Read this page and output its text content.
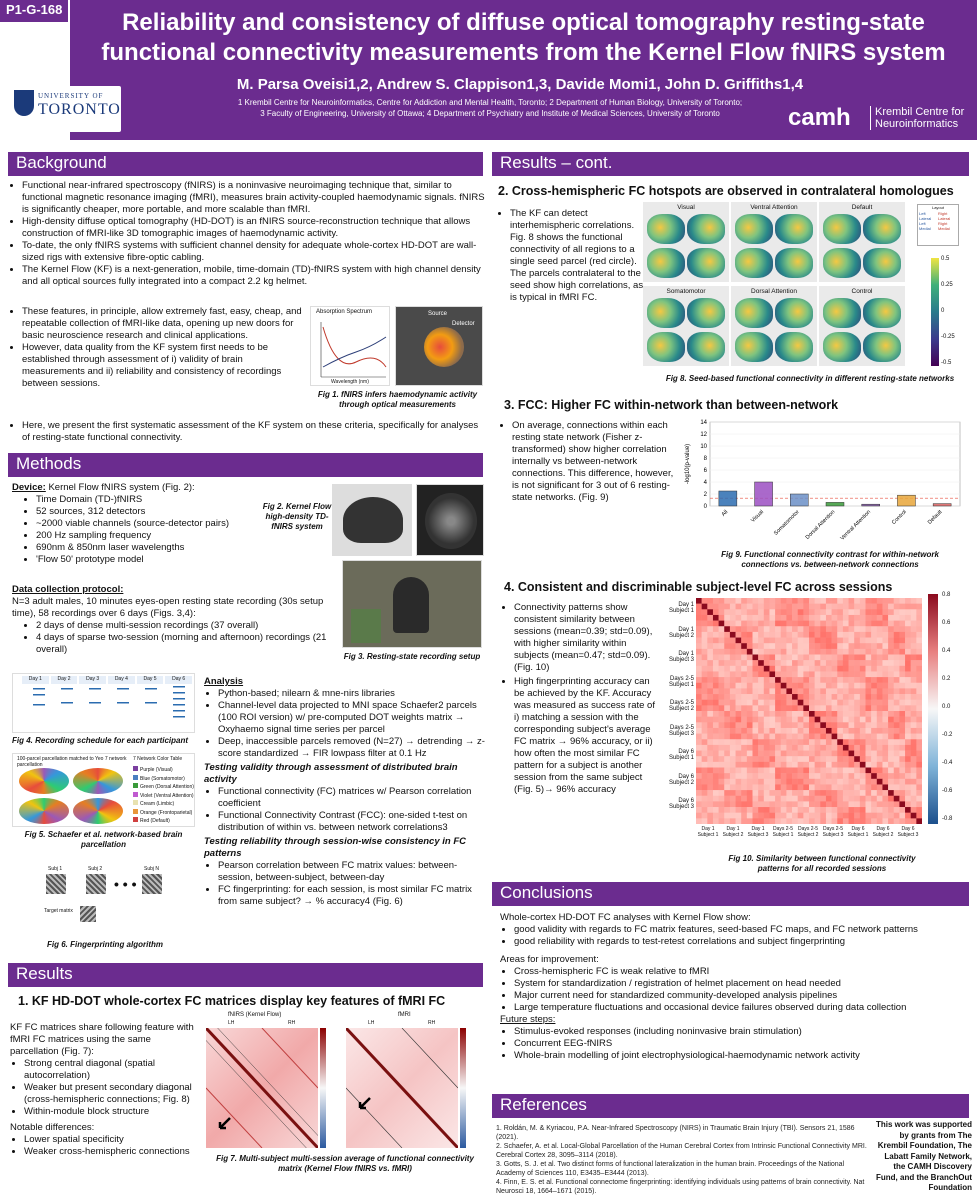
P1-G-168	Reliability and consistency of diffuse optical tomography resting-state
functional connectivity measurements from the Kernel Flow fNIRS system
M. Parsa Oveisi1,2, Andrew S. Clappison1,3, Davide Momi1, John D. Griffiths1,4
1 Krembil Centre for Neuroinformatics, Centre for Addiction and Mental Health, Toronto; 2 Department of Human Biology, University of Toronto;
3 Faculty of Engineering, University of Ottawa; 4 Department of Psychiatry and Institute of Medical Sciences, University of Toronto
UNIVERSITY OF
TORONTO	camh Krembil Centre for
Neuroinformatics
Background
• Functional near-infrared spectroscopy (fNIRS) is a noninvasive neuroimaging technique that, similar to functional magnetic resonance imaging (fMRI), measures brain activity-coupled haemodynamic signals. fNIRS is significantly cheaper, more portable, and more scalable than fMRI.
• High-density diffuse optical tomography (HD-DOT) is an fNIRS source-reconstruction technique that allows construction of fMRI-like 3D tomographic images of haemodynamic activity.
• To-date, the only fNIRS systems with sufficient channel density for adequate whole-cortex HD-DOT are wall-sized rigs with extensive fibre-optic cabling.
• The Kernel Flow (KF) is a next-generation, mobile, time-domain (TD)-fNIRS system with high channel density and all optical sources fully integrated into a compact 2.2 kg helmet.
• These features, in principle, allow extremely fast, easy, cheap, and repeatable collection of fMRI-like data, opening up new doors for basic neuroscience research and clinical applications.
• However, data quality from the KF system first needs to be established through assessment of i) validity of brain measurements and ii) reliability and consistency of recordings between sessions.
• Here, we present the first systematic assessment of the KF system on these criteria, specifically for analyses of resting-state functional connectivity.
Absorption Spectrum
Wavelength (nm)
Source
Detector
Fig 1. fNIRS infers haemodynamic activity through optical measurements
Methods
Device: Kernel Flow fNIRS system (Fig. 2):
• Time Domain (TD-)fNIRS
• 52 sources, 312 detectors
• ~2000 viable channels (source-detector pairs)
• 200 Hz sampling frequency
• 690nm & 850nm laser wavelengths
• 'Flow 50' prototype model
Fig 2. Kernel Flow high-density TD-fNIRS system
Data collection protocol:
N=3 adult males, 10 minutes eyes-open resting state recording (30s setup time), 58 recordings over 6 days (Figs. 3,4):
• 2 days of dense multi-session recordings (37 overall)
• 4 days of sparse two-session (morning and afternoon) recordings (21 overall)
Fig 3. Resting-state recording setup
Day 1	Day 2	Day 3	Day 4	Day 5	Day 6
Fig 4. Recording schedule for each participant
100-parcel parcellation matched to Yeo 7 network parcellation
7 Network Color Table
Purple (Visual)
Blue (Somatomotor)
Green (Dorsal Attention)
Violet (Ventral Attention)
Cream (Limbic)
Orange (Frontoparietal)
Red (Default)
Fig 5. Schaefer et al. network-based brain parcellation
Subj 1	Subj 2	Subj N
• • •
Target matrix
Fig 6. Fingerprinting algorithm
Analysis
• Python-based; nilearn & mne-nirs libraries
• Channel-level data projected to MNI space Schaefer2 parcels (100 ROI version) w/ pre-computed DOT weights matrix → Oxyhaemo signal time series per parcel
• Deep, inaccessible parcels removed (N=27) → detrending → z-score standardized → FIR lowpass filter at 0.1 Hz
Testing validity through assessment of distributed brain activity
• Functional connectivity (FC) matrices w/ Pearson correlation coefficient
• Functional Connectivity Contrast (FCC): one-sided t-test on distribution of within vs. between network correlations3
Testing reliability through session-wise consistency in FC patterns
• Pearson correlation between FC matrix values: between-session, between-subject, between-day
• FC fingerprinting: for each session, is most similar FC matrix from same subject? → % accuracy4 (Fig. 6)
Results
1. KF HD-DOT whole-cortex FC matrices display key features of fMRI FC
KF FC matrices share following feature with fMRI FC matrices using the same parcellation (Fig. 7):
• Strong central diagonal (spatial autocorrelation)
• Weaker but present secondary diagonal (cross-hemispheric connections; Fig. 8)
• Within-module block structure
Notable differences:
• Lower spatial specificity
• Weaker cross-hemispheric connections
fNIRS (Kernel Flow)
LH	RH
fMRI
LH	RH
Fig 7. Multi-subject multi-session average of functional connectivity matrix (Kernel Flow fNIRS vs. fMRI)
Results – cont.
2. Cross-hemispheric FC hotspots are observed in contralateral homologues
• The KF can detect interhemispheric correlations. Fig. 8 shows the functional connectivity of all regions to a single seed parcel (red circle). The parcels contralateral to the seed show high correlations, as is typical in fMRI FC.
Visual	Ventral Attention	Default
Somatomotor	Dorsal Attention	Control
Layout
Left Lateral
Right Lateral
Left Medial
Right Medial
0.5
0.25
0
-0.25
-0.5
Fig 8. Seed-based functional connectivity in different resting-state networks
3. FCC: Higher FC within-network than between-network
• On average, connections within each resting state network (Fisher z-transformed) show higher correlation internally vs between-network connections. This difference, however, is not significant for 3 out of 6 resting-state networks. (Fig. 9)
0
2
4
6
8
10
12
14
-log10(p-value)
All	Visual Somatomotor Dorsal Attention Ventral Attention	Control	Default
Fig 9. Functional connectivity contrast for within-network connections vs. between-network connections
4. Consistent and discriminable subject-level FC across sessions
• Connectivity patterns show consistent similarity between sessions (mean=0.39; std=0.09), with higher similarity within subjects (mean=0.47; std=0.09). (Fig. 10)
• High fingerprinting accuracy can be achieved by the KF. Accuracy was measured as success rate of i) matching a session with the corresponding subject's average FC matrix → 96% accuracy, or ii) how often the most similar FC pattern for a subject is another session from the same subject (Fig. 5)→ 96% accuracy
Day 1 Subject 1
Day 1 Subject 2
Day 1 Subject 3
Days 2-5 Subject 1
Days 2-5 Subject 2
Days 2-5 Subject 3
Day 6 Subject 1
Day 6 Subject 2
Day 6 Subject 3
Day 1 Subject 1
Day 1 Subject 2
Day 1 Subject 3
Days 2-5 Subject 1
Days 2-5 Subject 2
Days 2-5 Subject 3
Day 6 Subject 1
Day 6 Subject 2
Day 6 Subject 3
0.8
0.6
0.4
0.2
0.0
-0.2
-0.4
-0.6
-0.8
Fig 10. Similarity between functional connectivity patterns for all recorded sessions
Conclusions
Whole-cortex HD-DOT FC analyses with Kernel Flow show:
• good validity with regards to FC matrix features, seed-based FC maps, and FC network patterns
• good reliability with regards to test-retest correlations and subject fingerprinting
Areas for improvement:
• Cross-hemispheric FC is weak relative to fMRI
• System for standardization / registration of helmet placement on head needed
• Major current need for standardized community-developed analysis pipelines
• Large temperature fluctuations and occasional device failures observed during data collection
Future steps:
• Stimulus-evoked responses (including noninvasive brain stimulation)
• Concurrent EEG-fNIRS
• Whole-brain modelling of joint electrophysiological-haemodynamic network activity
References
1. Roldán, M. & Kyriacou, P.A. Near-Infrared Spectroscopy (NIRS) in Traumatic Brain Injury (TBI). Sensors 21, 1586 (2021).
2. Schaefer, A. et al. Local-Global Parcellation of the Human Cerebral Cortex from Intrinsic Functional Connectivity MRI. Cerebral Cortex 28, 3095–3114 (2018).
3. Gotts, S. J. et al. Two distinct forms of functional lateralization in the human brain. Proceedings of the National Academy of Sciences 110, E3435–E3444 (2013).
4. Finn, E. S. et al. Functional connectome fingerprinting: identifying individuals using patterns of brain connectivity. Nat Neurosci 18, 1664–1671 (2015).
This work was supported by grants from The Krembil Foundation, The Labatt Family Network, the CAMH Discovery Fund, and the BranchOut Foundation
